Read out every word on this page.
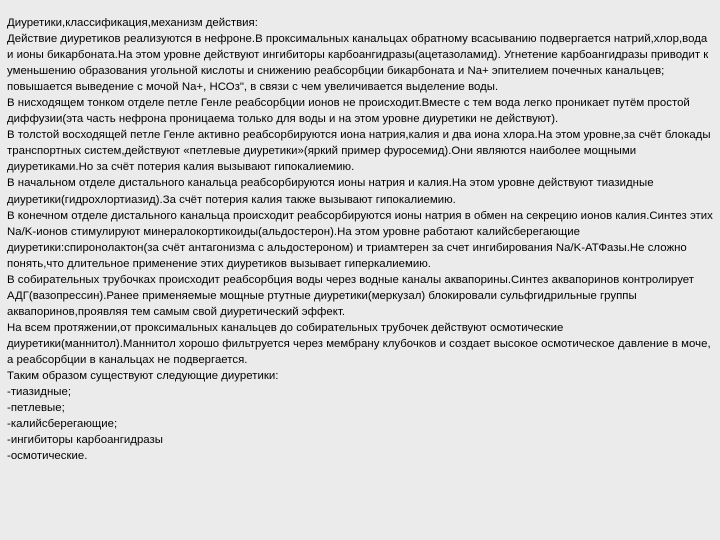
Диуретики,классификация,механизм действия:

Действие диуретиков реализуются в нефроне.В проксимальных канальцах обратному всасыванию подвергается натрий,хлор,вода и ионы бикарбоната.На этом уровне действуют ингибиторы карбоангидразы(ацетазоламид). Угнетение карбоангидразы приводит к уменьшению образования угольной кислоты и снижению реабсорбции бикарбоната и Na+ эпителием почечных канальцев; повышается выведение с мочой Na+, НСОз", в связи с чем увеличивается выделение воды.

В нисходящем тонком отделе петле Генле реабсорбции ионов не происходит.Вместе с тем вода легко проникает путём простой диффузии(эта часть нефрона проницаема только для воды и на этом уровне диуретики не действуют).

В толстой восходящей петле Генле активно реабсорбируются иона натрия,калия и два иона хлора.На этом уровне,за счёт блокады транспортных систем,действуют «петлевые диуретики»(яркий пример фуросемид).Они являются наиболее мощными диуретиками.Но за счёт потерия калия вызывают гипокалиемию.

В начальном отделе дистального канальца реабсорбируются ионы натрия и калия.На этом уровне действуют тиазидные диуретики(гидрохлортиазид).За счёт потерия калия также вызывают гипокалиемию.

В конечном отделе дистального канальца происходит реабсорбируются ионы натрия в обмен на секрецию ионов калия.Синтез этих Na/K-ионов стимулируют минералокортикоиды(альдостерон).На этом уровне работают калийсберегающие диуретики:спиронолактон(за счёт антагонизма с альдостероном) и триамтерен за счет ингибирования Na/K-АТФазы.Не сложно понять,что длительное применение этих диуретиков вызывает гиперкалиемию.

В собирательных трубочках происходит реабсорбция воды через водные каналы аквапорины.Синтез аквапоринов контролирует АДГ(вазопрессин).Ранее применяемые мощные ртутные диуретики(меркузал) блокировали сульфгидрильные группы аквапоринов,проявляя тем самым свой диуретический эффект.

На всем протяжении,от проксимальных канальцев до собирательных трубочек действуют осмотические диуретики(маннитол).Маннитол хорошо фильтруется через мембрану клубочков и создает высокое осмотическое давление в моче, а реабсорбции в канальцах не подвергается.

Таким образом существуют следующие диуретики:

-тиазидные;

-петлевые;

-калийсберегающие;

-ингибиторы карбоангидразы

-осмотические.
